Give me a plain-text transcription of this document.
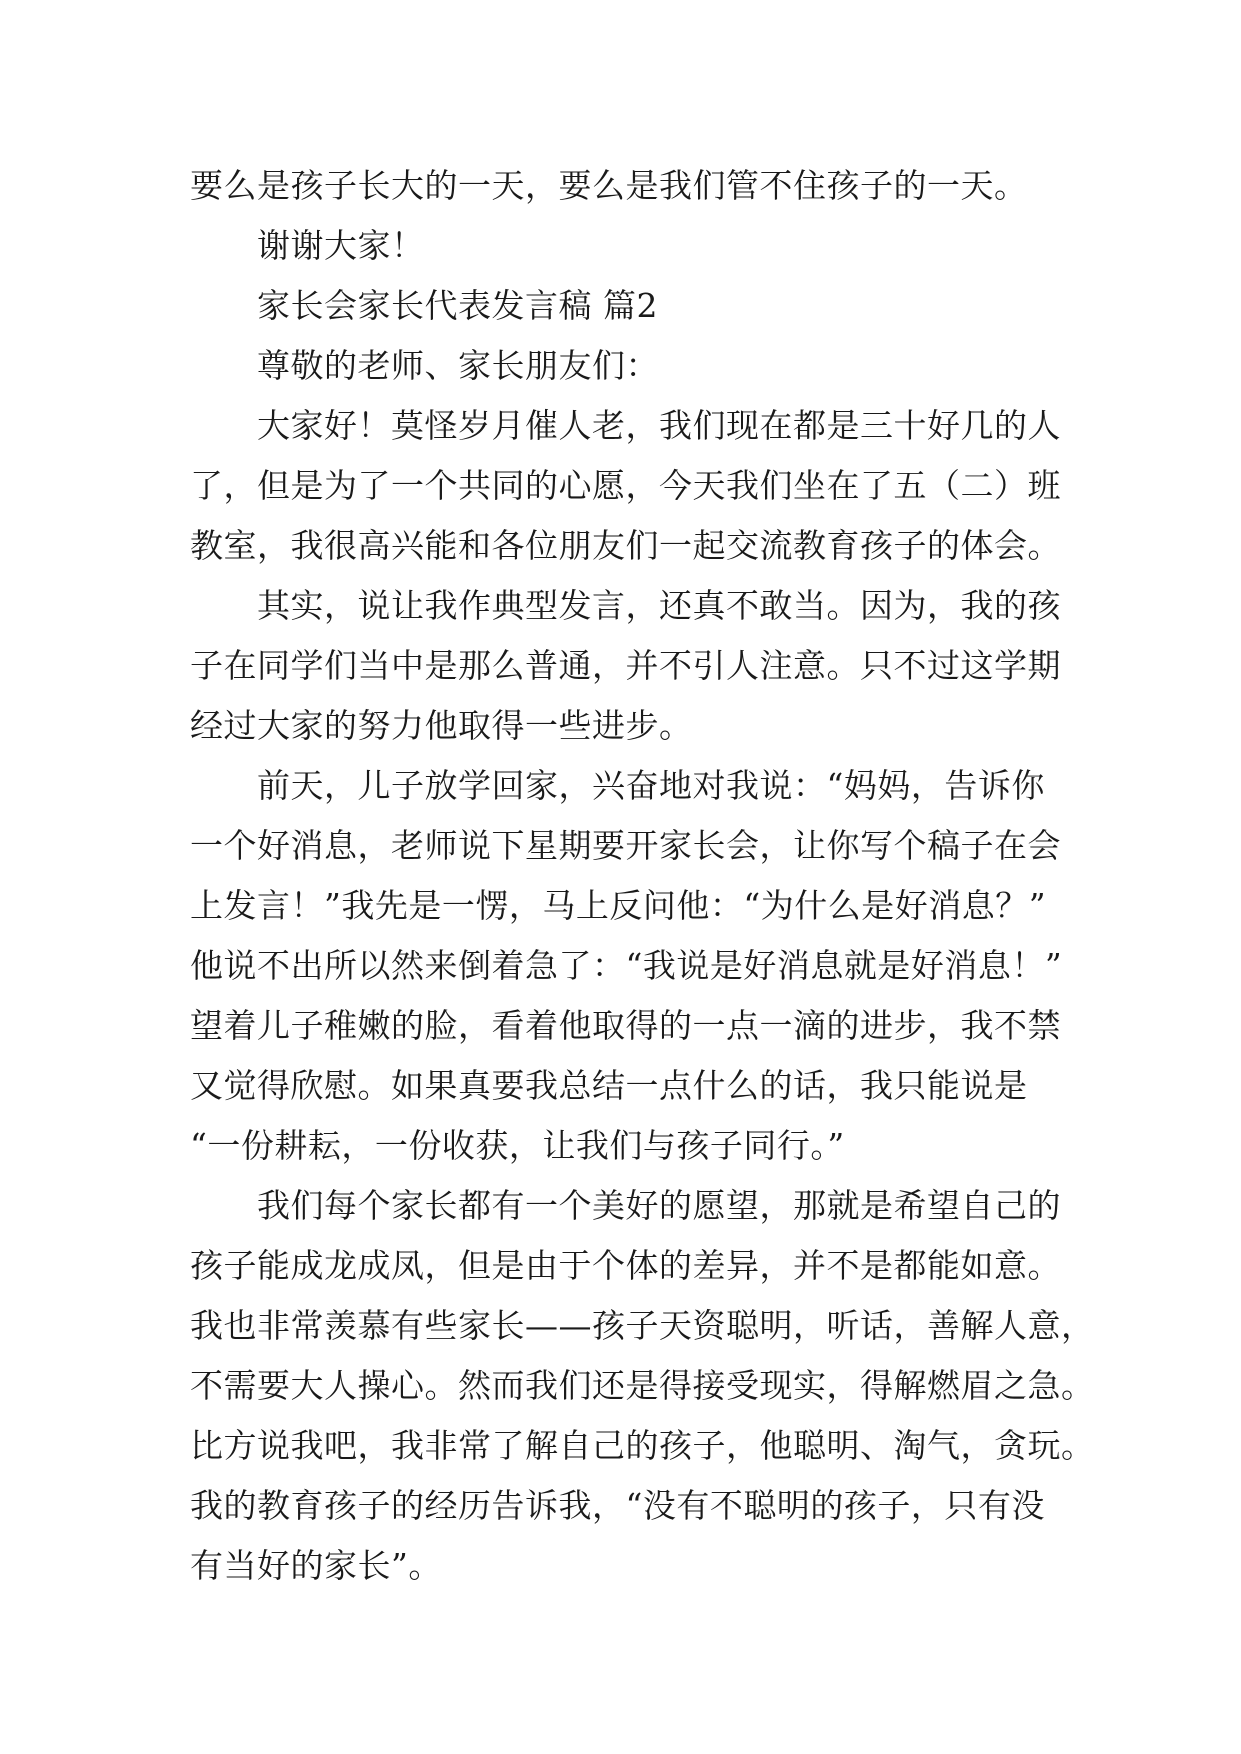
要么是孩子长大的一天，要么是我们管不住孩子的一天。
　　谢谢大家！
　　家长会家长代表发言稿 篇2
　　尊敬的老师、家长朋友们：
　　大家好！莫怪岁月催人老，我们现在都是三十好几的人
了，但是为了一个共同的心愿，今天我们坐在了五（二）班
教室，我很高兴能和各位朋友们一起交流教育孩子的体会。
　　其实，说让我作典型发言，还真不敢当。因为，我的孩
子在同学们当中是那么普通，并不引人注意。只不过这学期
经过大家的努力他取得一些进步。
　　前天，儿子放学回家，兴奋地对我说：“妈妈，告诉你
一个好消息，老师说下星期要开家长会，让你写个稿子在会
上发言！”我先是一愣，马上反问他：“为什么是好消息？”
他说不出所以然来倒着急了：“我说是好消息就是好消息！”
望着儿子稚嫩的脸，看着他取得的一点一滴的进步，我不禁
又觉得欣慰。如果真要我总结一点什么的话，我只能说是
“一份耕耘，一份收获，让我们与孩子同行。”
　　我们每个家长都有一个美好的愿望，那就是希望自己的
孩子能成龙成凤，但是由于个体的差异，并不是都能如意。
我也非常羡慕有些家长——孩子天资聪明，听话，善解人意，
不需要大人操心。然而我们还是得接受现实，得解燃眉之急。
比方说我吧，我非常了解自己的孩子，他聪明、淘气，贪玩。
我的教育孩子的经历告诉我，“没有不聪明的孩子，只有没
有当好的家长”。
